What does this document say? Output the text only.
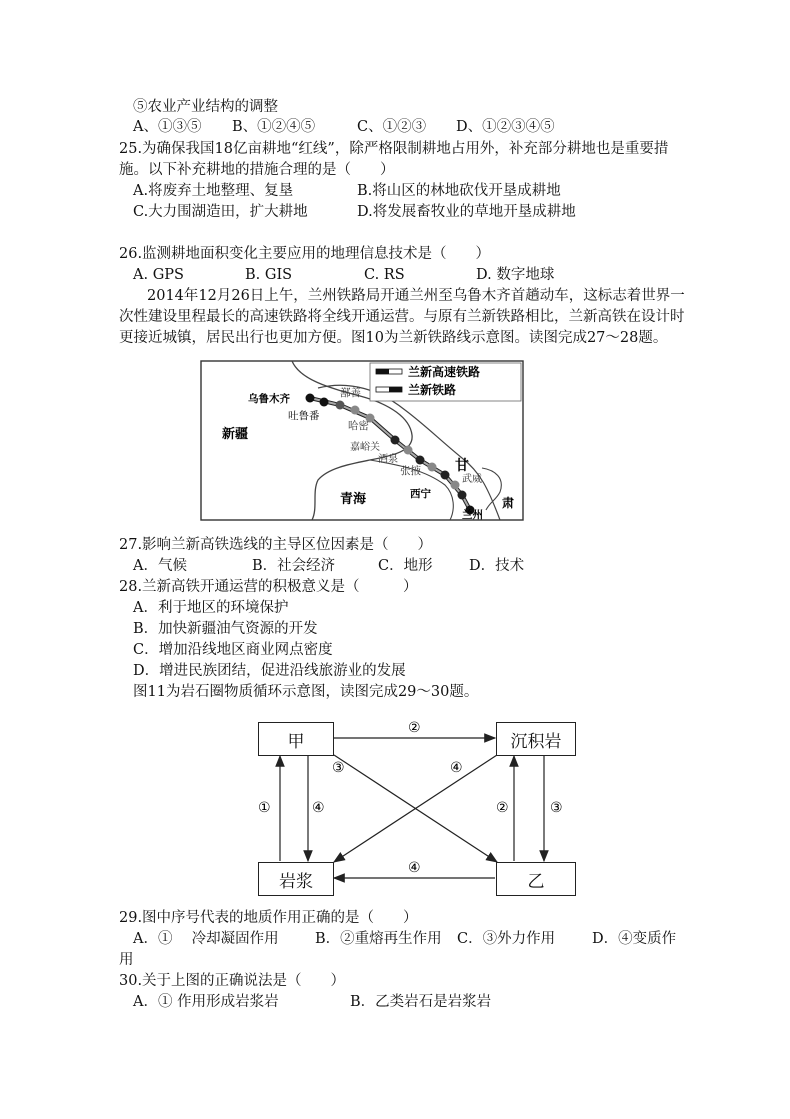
⑤农业产业结构的调整
A、①③⑤ B、①②④⑤	C、①②③ D、①②③④⑤
25.为确保我国18亿亩耕地“红线”，除严格限制耕地占用外，补充部分耕地也是重要措
施。以下补充耕地的措施合理的是（　　）
A.将废弃土地整理、复垦	B.将山区的林地砍伐开垦成耕地
C.大力围湖造田，扩大耕地	D.将发展畜牧业的草地开垦成耕地
26.监测耕地面积变化主要应用的地理信息技术是（　　）
A. GPS	B. GIS	C. RS	D. 数字地球
2014年12月26日上午，兰州铁路局开通兰州至乌鲁木齐首趟动车，这标志着世界一
次性建设里程最长的高速铁路将全线开通运营。与原有兰新铁路相比，兰新高铁在设计时
更接近城镇，居民出行也更加方便。图10为兰新铁路线示意图。读图完成27～28题。
兰新高速铁路
兰新铁路
新疆
青海
甘
肃
乌鲁木齐
吐鲁番
鄯善
哈密
嘉峪关
酒泉
张掖
武威
西宁
兰州
27.影响兰新高铁选线的主导区位因素是（　　）
A．气候	B．社会经济	C．地形	D．技术
28.兰新高铁开通运营的积极意义是（　　　）
A．利于地区的环境保护
B．加快新疆油气资源的开发
C．增加沿线地区商业网点密度
D．增进民族团结，促进沿线旅游业的发展
图11为岩石圈物质循环示意图，读图完成29～30题。
甲	沉积岩
岩浆	乙
②
④
①	④	②	③
③	④
29.图中序号代表的地质作用正确的是（　　）
A．①　 冷却凝固作用	B．②重熔再生作用 C．③外力作用	D．④变质作
用
30.关于上图的正确说法是（　　）
A．① 作用形成岩浆岩	B．乙类岩石是岩浆岩
